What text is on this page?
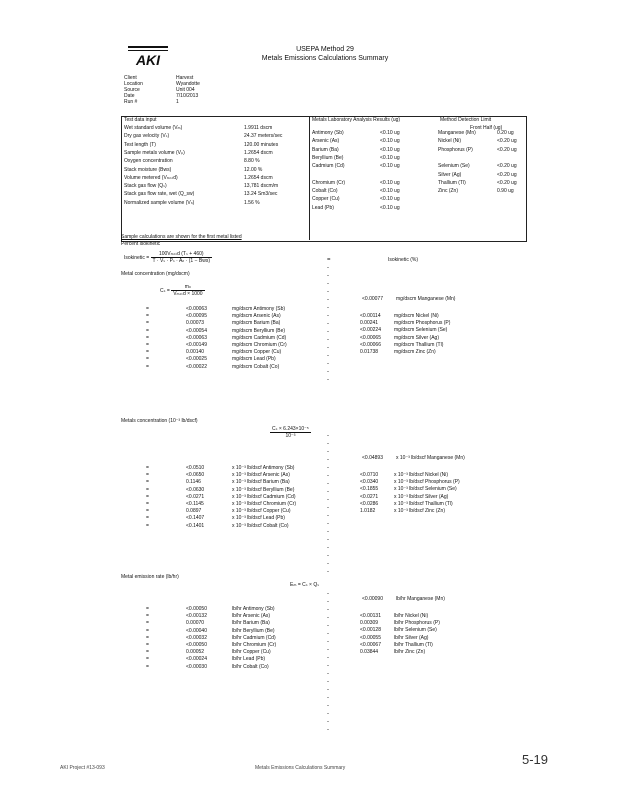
AKI
USEPA Method 29
Metals Emissions Calculations Summary
Client	Harvest
Location	Wyandotte
Source	Unit 004
Date	7/10/2013
Run #	1
Test data input	Metals Laboratory Analysis Results (ug)	Method Detection Limit
Front Half (ug)
Wet standard volume (Vₘ)	1.9911 dscm
Dry gas velocity (Vₛ)	24.37 meters/sec
Test length (T)	120.00 minutes
Sample metals volume (Vₚ)	1.2654 dscm
Oxygen concentration	8.80 %
Stack moisture (Bws)	12.00 %
Volume metered (Vₘₛₜd)	1.2654 dscm
Stack gas flow (Qₛ)	13,781 dscm/m
Stack gas flow rate, wet (Q_sw)	13.24 Sm3/sec
Normalized sample volume (Vₙ)	1.56 %
Antimony (Sb)	<0.10 ug	Manganese (Mn)	0.20 ug
Arsenic (As)	<0.10 ug	Nickel (Ni)	<0.20 ug
Barium (Ba)	<0.10 ug	Phosphorus (P)	<0.20 ug
Beryllium (Be)	<0.10 ug
Cadmium (Cd)	<0.10 ug	Selenium (Se)	<0.20 ug
Silver (Ag)	<0.20 ug
Chromium (Cr)	<0.10 ug	Thallium (Tl)	<0.20 ug
Cobalt (Co)	<0.10 ug	Zinc (Zn)	0.90 ug
Copper (Cu)	<0.10 ug
Lead (Pb)	<0.10 ug
Sample calculations are shown for the first metal listed
Percent isokinetic
Isokinetic = $\frac{\text{100Vₘₛₜd (Tₛ + 460)}}{\text{T · Vₛ · Pₛ · Aₙ · (1 − Bws)}}$	Isokinetic (%)
Metal concentration (mg/dscm)
$C_s = \frac{\text{mₙ}}{\text{Vₘₛₜd × 1000}}$
<0.00077	mg/dscm Manganese (Mn)
=	<0.00063	mg/dscm Antimony (Sb)
=	<0.00095	mg/dscm Arsenic (As)
=	0.00073	mg/dscm Barium (Ba)
=	<0.00054	mg/dscm Beryllium (Be)
=	<0.00063	mg/dscm Cadmium (Cd)
=	<0.00149	mg/dscm Chromium (Cr)
=	0.00140	mg/dscm Copper (Cu)
=	<0.00025	mg/dscm Lead (Pb)
=	<0.00022	mg/dscm Cobalt (Co)
<0.00114	mg/dscm Nickel (Ni)
0.00241	mg/dscm Phosphorus (P)
<0.00224	mg/dscm Selenium (Se)
<0.00065	mg/dscm Silver (Ag)
<0.00066	mg/dscm Thallium (Tl)
0.01738	mg/dscm Zinc (Zn)
Metals concentration (10⁻³ lb/dscf)
$\frac{\text{Cₛ × 6.243×10⁻⁵}}{\text{10⁻³}}$
<0.04893	x 10⁻³ lb/dscf Manganese (Mn)
=	<0.0510	x 10⁻³ lb/dscf Antimony (Sb)
=	<0.0650	x 10⁻³ lb/dscf Arsenic (As)
=	0.1146	x 10⁻³ lb/dscf Barium (Ba)
=	<0.0630	x 10⁻³ lb/dscf Beryllium (Be)
=	<0.0271	x 10⁻³ lb/dscf Cadmium (Cd)
=	<0.1145	x 10⁻³ lb/dscf Chromium (Cr)
=	0.0897	x 10⁻³ lb/dscf Copper (Cu)
=	<0.1407	x 10⁻³ lb/dscf Lead (Pb)
=	<0.1401	x 10⁻³ lb/dscf Cobalt (Co)
<0.0710	x 10⁻³ lb/dscf Nickel (Ni)
<0.0340	x 10⁻³ lb/dscf Phosphorus (P)
<0.1855	x 10⁻³ lb/dscf Selenium (Se)
<0.0271	x 10⁻³ lb/dscf Silver (Ag)
<0.0286	x 10⁻³ lb/dscf Thallium (Tl)
1.0182	x 10⁻³ lb/dscf Zinc (Zn)
Metal emission rate (lb/hr)
Eₘ = Cₛ × Qₛ
<0.00090	lb/hr Manganese (Mn)
=	<0.00050	lb/hr Antimony (Sb)
=	<0.00132	lb/hr Arsenic (As)
=	0.00070	lb/hr Barium (Ba)
=	<0.00040	lb/hr Beryllium (Be)
=	<0.00032	lb/hr Cadmium (Cd)
=	<0.00050	lb/hr Chromium (Cr)
=	0.00052	lb/hr Copper (Cu)
=	<0.00024	lb/hr Lead (Pb)
=	<0.00030	lb/hr Cobalt (Co)
<0.00131	lb/hr Nickel (Ni)
0.00309	lb/hr Phosphorus (P)
<0.00128	lb/hr Selenium (Se)
<0.00055	lb/hr Silver (Ag)
<0.00067	lb/hr Thallium (Tl)
0.03844	lb/hr Zinc (Zn)
=
-
-
-
-
-
-
-
-
-
-
-
-
-
-
-
-
-
-
-
-
-
-
-
-
-
-
-
-
-
-
-
-
-
-
-
-
-
-
-
-
-
-
-
-
-
-
-
-
-
-
-
AKI Project #13-093	Metals Emissions Calculations Summary
5-19
